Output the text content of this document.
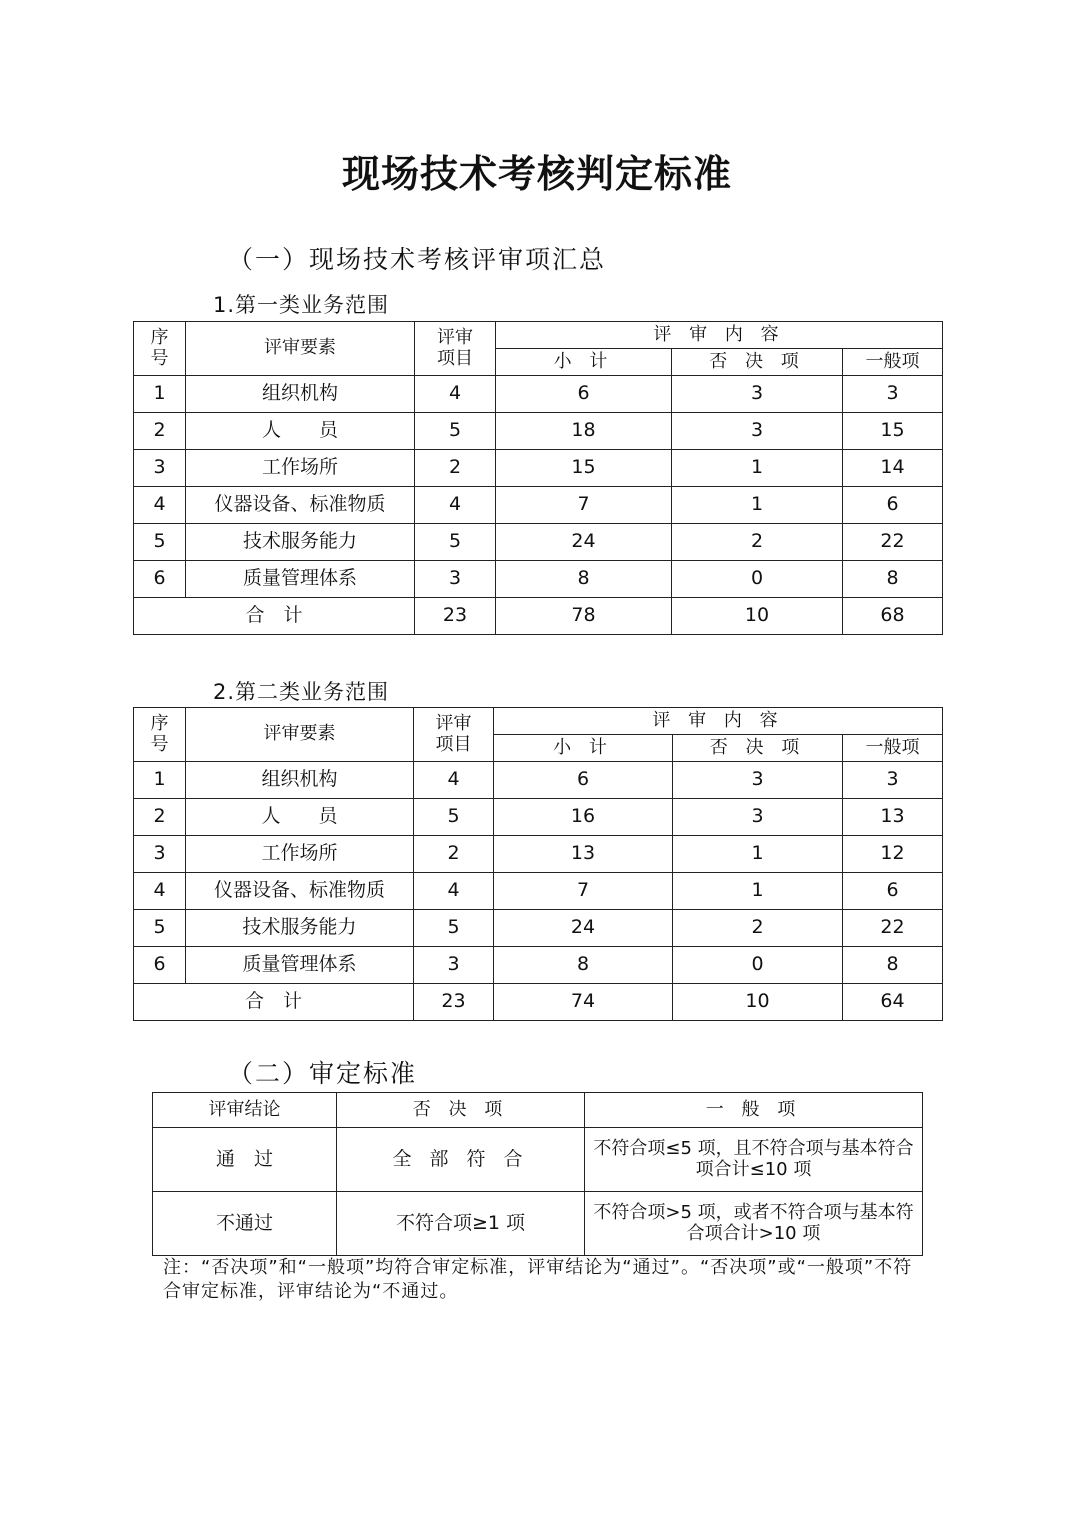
现场技术考核判定标准
（一）现场技术考核评审项汇总
1.第一类业务范围
序号	评审要素	评审项目	评 审 内 容		
			小 计	否 决 项	一般项
1	组织机构	4	6	3	3
2	人　　员	5	18	3	15
3	工作场所	2	15	1	14
4	仪器设备、标准物质	4	7	1	6
5	技术服务能力	5	24	2	22
6	质量管理体系	3	8	0	8
合　计		23	78	10	68
2.第二类业务范围
序号	评审要素	评审项目	评 审 内 容		
			小 计	否 决 项	一般项
1	组织机构	4	6	3	3
2	人　　员	5	16	3	13
3	工作场所	2	13	1	12
4	仪器设备、标准物质	4	7	1	6
5	技术服务能力	5	24	2	22
6	质量管理体系	3	8	0	8
合　计		23	74	10	64
（二）审定标准
评审结论	否 决 项	一 般 项
通　过	全 部 符 合	不符合项≤5 项，且不符合项与基本符合项合计≤10 项
不通过	不符合项≥1 项	不符合项>5 项，或者不符合项与基本符合项合计>10 项
注：“否决项”和“一般项”均符合审定标准，评审结论为“通过”。“否决项”或“一般项”不符合审定标准，评审结论为“不通过。
